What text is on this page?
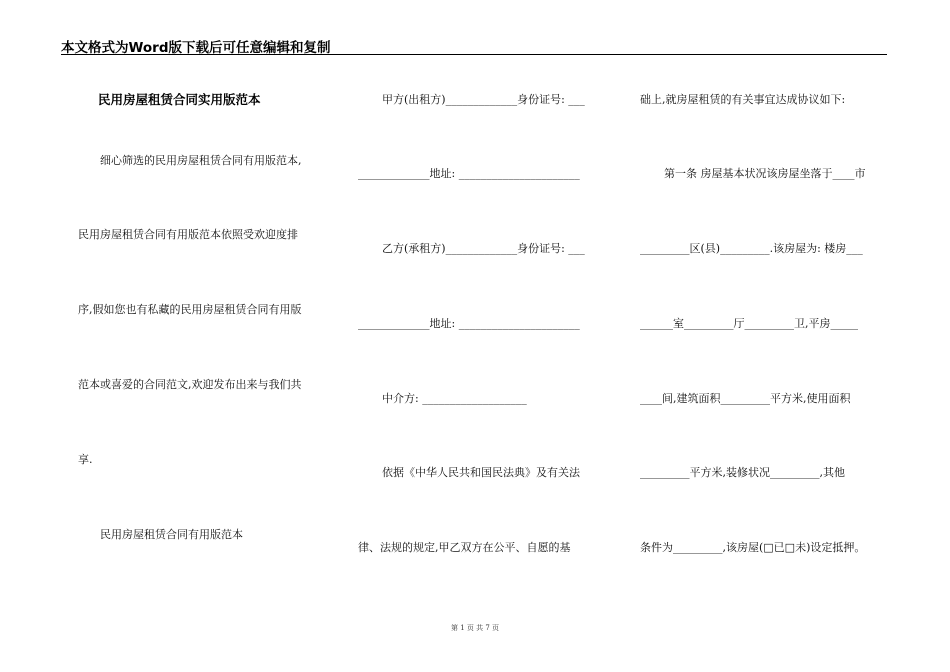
本文格式为Word版下载后可任意编辑和复制
民用房屋租赁合同实用版范本
细心筛选的民用房屋租赁合同有用版范本,
民用房屋租赁合同有用版范本依照受欢迎度排
序,假如您也有私藏的民用房屋租赁合同有用版
范本或喜爱的合同范文,欢迎发布出来与我们共
享.
民用房屋租赁合同有用版范本
甲方(出租方)_____________身份证号: ___
_____________地址: ______________________
乙方(承租方)_____________身份证号: ___
_____________地址: ______________________
中介方: ___________________
依据《中华人民共和国民法典》及有关法
律、法规的规定,甲乙双方在公平、自愿的基
础上,就房屋租赁的有关事宜达成协议如下:
第一条 房屋基本状况该房屋坐落于____市
_________区(县)_________.该房屋为: 楼房___
______室_________厅_________卫,平房_____
____间,建筑面积_________平方米,使用面积
_________平方米,装修状况_________,其他
条件为_________,该房屋(□已□未)设定抵押。
第 1 页 共 7 页
